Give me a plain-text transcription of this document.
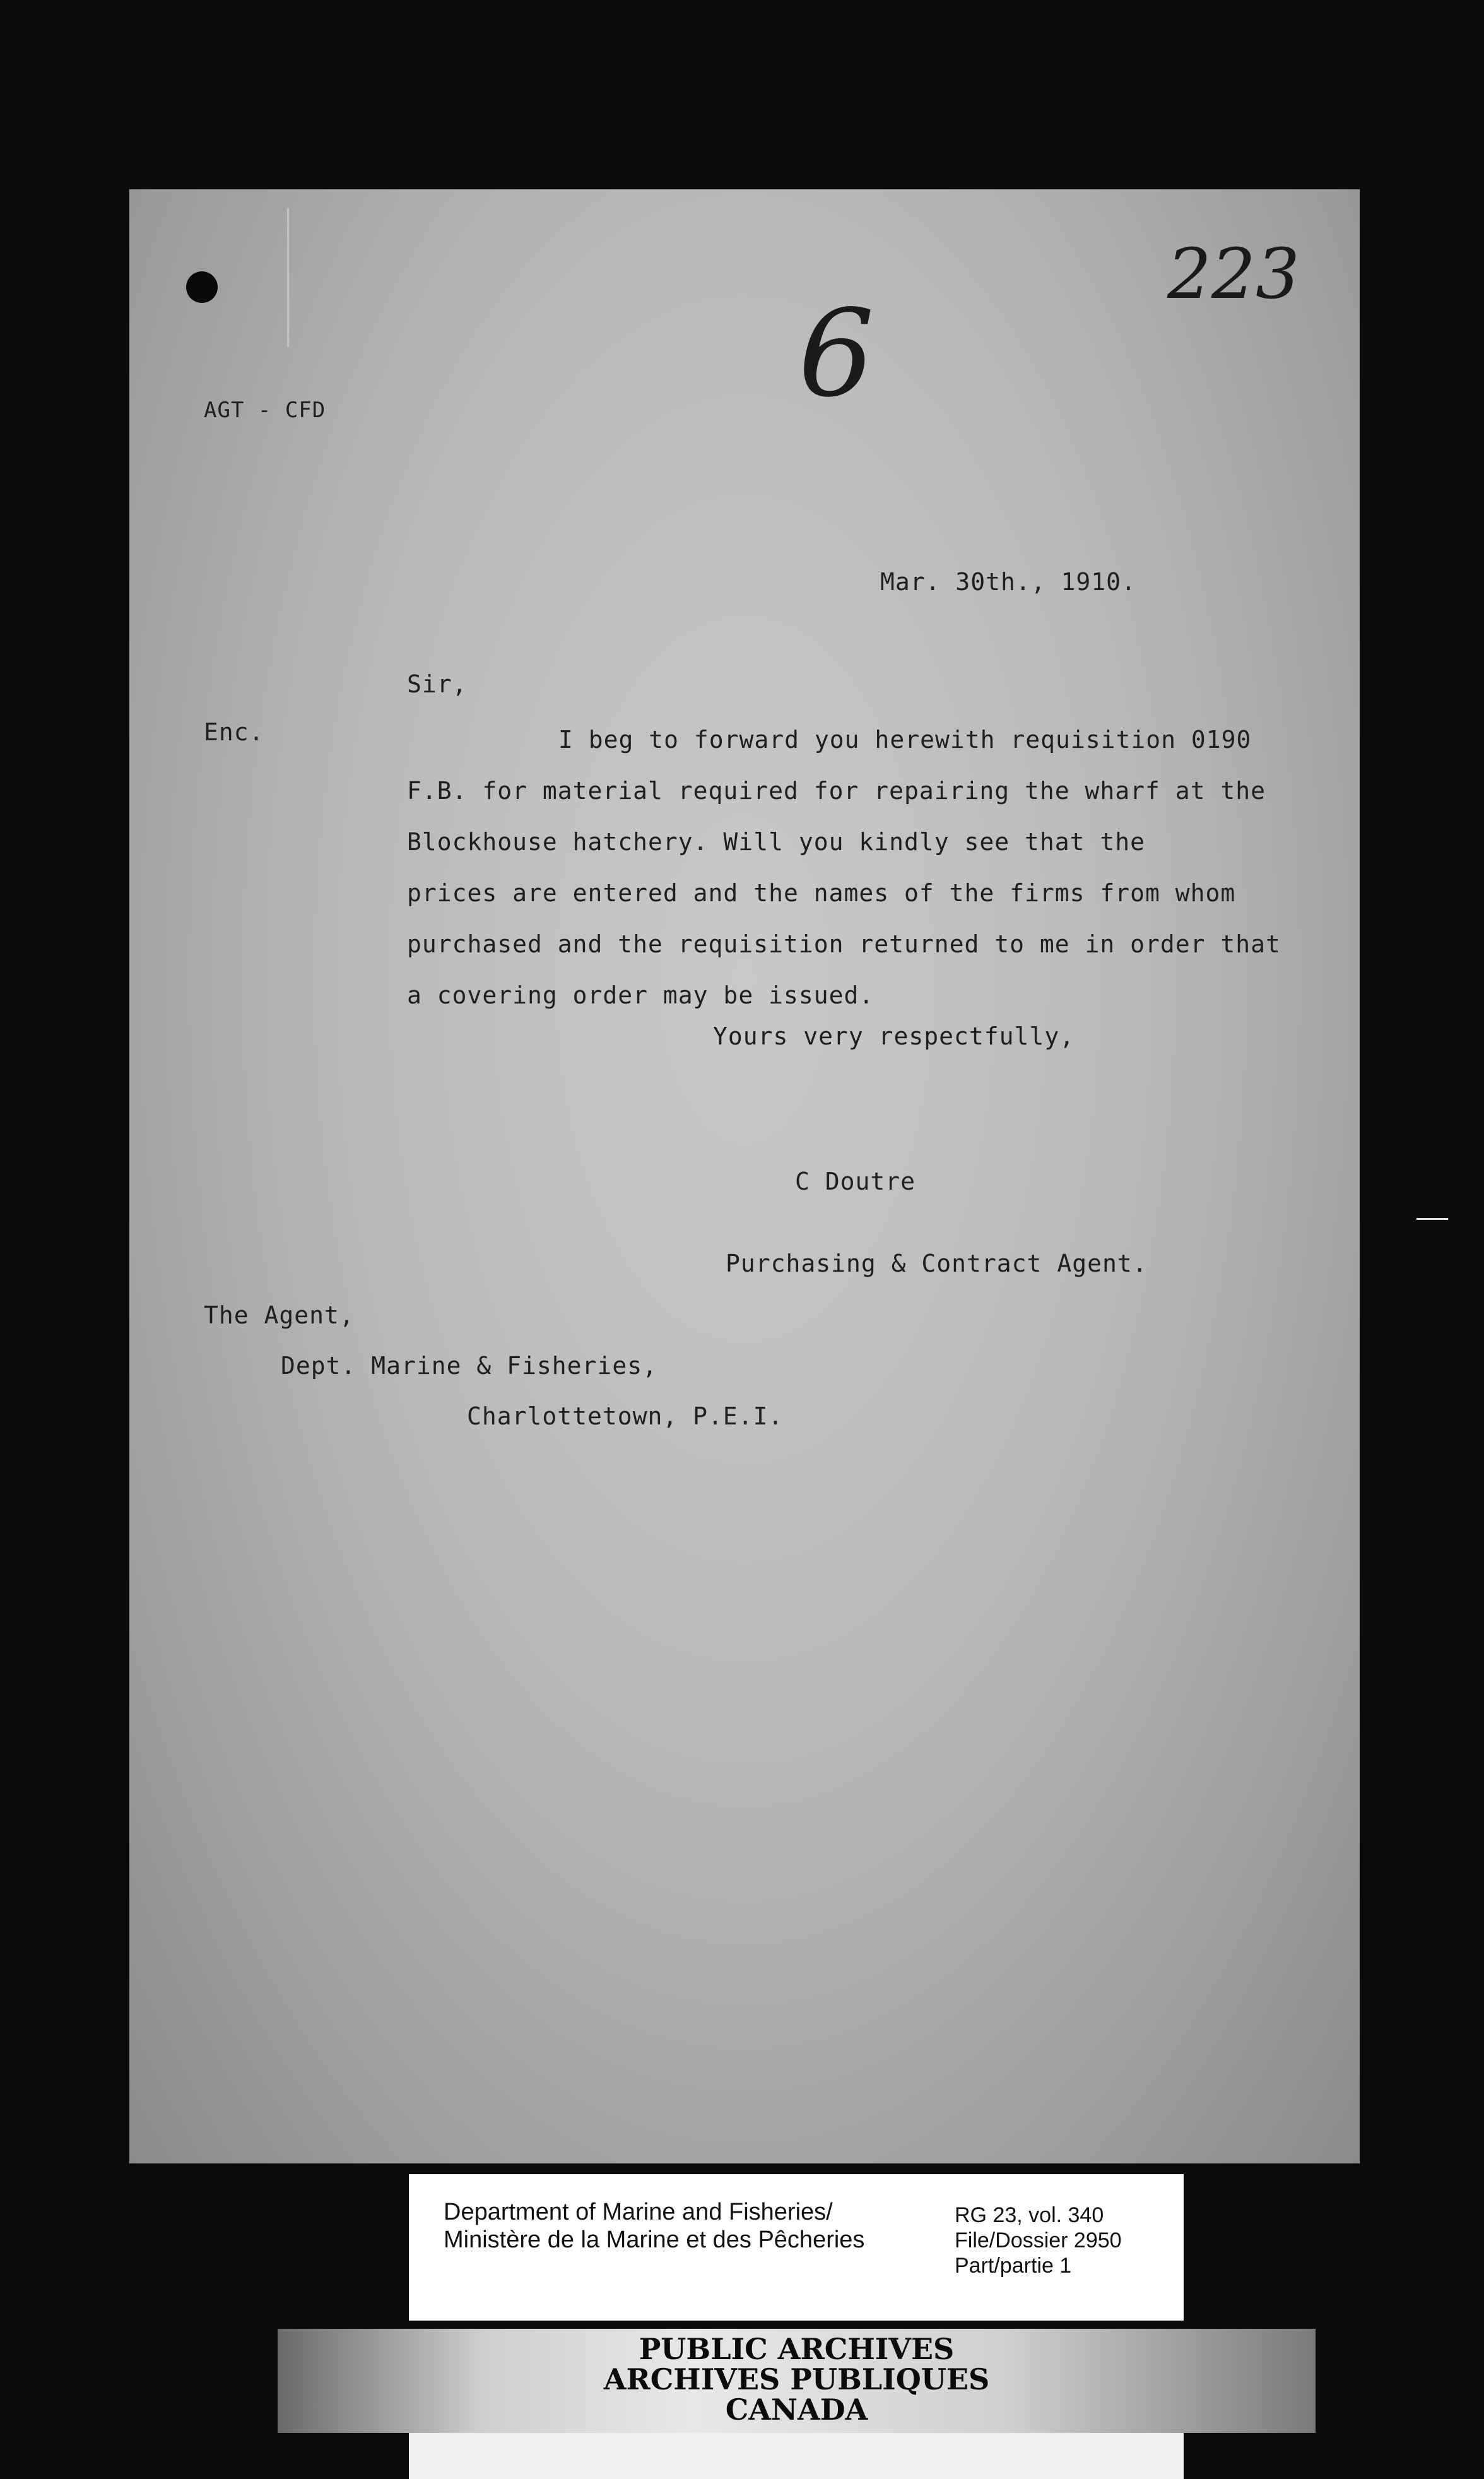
AGT - CFD
223
6
Mar. 30th., 1910.
Sir,
Enc.	I beg to forward you herewith requisition 0190

F.B. for material required for repairing the wharf at the

Blockhouse hatchery. Will you kindly see that the

prices are entered and the names of the firms from whom

purchased and the requisition returned to me in order that

a covering order may be issued.

Yours very respectfully,
C Doutre
Purchasing & Contract Agent.
The Agent,
Dept. Marine & Fisheries,
Charlottetown, P.E.I.
Department of Marine and Fisheries/
Ministère de la Marine et des Pêcheries
RG 23, vol. 340
File/Dossier 2950
Part/partie 1
PUBLIC ARCHIVES
ARCHIVES PUBLIQUES
CANADA
